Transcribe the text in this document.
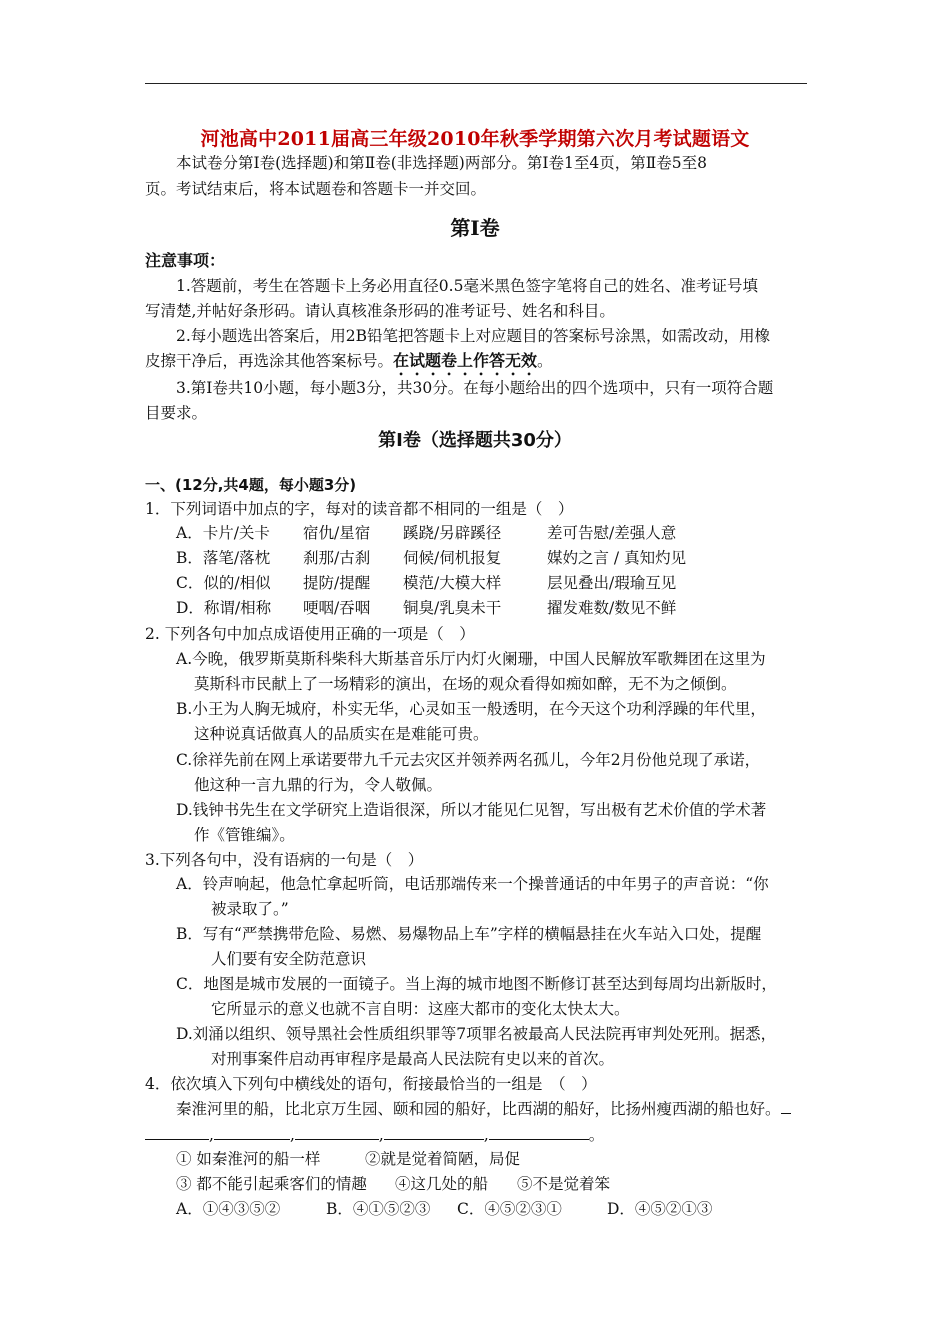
河池高中2011届高三年级2010年秋季学期第六次月考试题语文
本试卷分第Ⅰ卷(选择题)和第Ⅱ卷(非选择题)两部分。第Ⅰ卷1至4页，第Ⅱ卷5至8
页。考试结束后，将本试题卷和答题卡一并交回。
第Ⅰ卷
注意事项：
1.答题前，考生在答题卡上务必用直径0.5毫米黑色签字笔将自己的姓名、准考证号填
写清楚,并帖好条形码。请认真核准条形码的准考证号、姓名和科目。
2.每小题选出答案后，用2B铅笔把答题卡上对应题目的答案标号涂黑，如需改动，用橡
皮擦干净后，再选涂其他答案标号。在试题卷上作答无效。
3.第Ⅰ卷共10小题，每小题3分，共30分。在每小题给出的四个选项中，只有一项符合题
目要求。
第Ⅰ卷（选择题共30分）
一、(12分,共4题，每小题3分)
1．下列词语中加点的字，每对的读音都不相同的一组是（　）
A．卡片/关卡 宿仇/星宿 蹊跷/另辟蹊径	差可告慰/差强人意
B．落笔/落枕 刹那/古刹 伺候/伺机报复	媒妁之言 / 真知灼见
C．似的/相似 提防/提醒 模范/大模大样	层见叠出/瑕瑜互见
D．称谓/相称 哽咽/吞咽 铜臭/乳臭未干	擢发难数/数见不鲜
2. 下列各句中加点成语使用正确的一项是（　）
A.今晚，俄罗斯莫斯科柴科大斯基音乐厅内灯火阑珊，中国人民解放军歌舞团在这里为
莫斯科市民献上了一场精彩的演出，在场的观众看得如痴如醉，无不为之倾倒。
B.小王为人胸无城府，朴实无华，心灵如玉一般透明，在今天这个功利浮躁的年代里，
这种说真话做真人的品质实在是难能可贵。
C.徐祥先前在网上承诺要带九千元去灾区并领养两名孤儿，今年2月份他兑现了承诺，
他这种一言九鼎的行为，令人敬佩。
D.钱钟书先生在文学研究上造诣很深，所以才能见仁见智，写出极有艺术价值的学术著
作《管锥编》。
3.下列各句中，没有语病的一句是（　）
A．铃声响起，他急忙拿起听筒，电话那端传来一个操普通话的中年男子的声音说：“你
被录取了。”
B．写有“严禁携带危险、易燃、易爆物品上车”字样的横幅悬挂在火车站入口处，提醒
人们要有安全防范意识
C．地图是城市发展的一面镜子。当上海的城市地图不断修订甚至达到每周均出新版时，
它所显示的意义也就不言自明：这座大都市的变化太快太大。
D.刘涌以组织、领导黑社会性质组织罪等7项罪名被最高人民法院再审判处死刑。据悉，
对刑事案件启动再审程序是最高人民法院有史以来的首次。
4．依次填入下列句中横线处的语句，衔接最恰当的一组是　（　）
秦淮河里的船，比北京万生园、颐和园的船好，比西湖的船好，比扬州瘦西湖的船也好。
,	,	,	,	。
① 如秦淮河的船一样	②就是觉着简陋，局促
③ 都不能引起乘客们的情趣 ④这几处的船 ⑤不是觉着笨
A．①④③⑤②	B．④①⑤②③ C．④⑤②③①	D．④⑤②①③
